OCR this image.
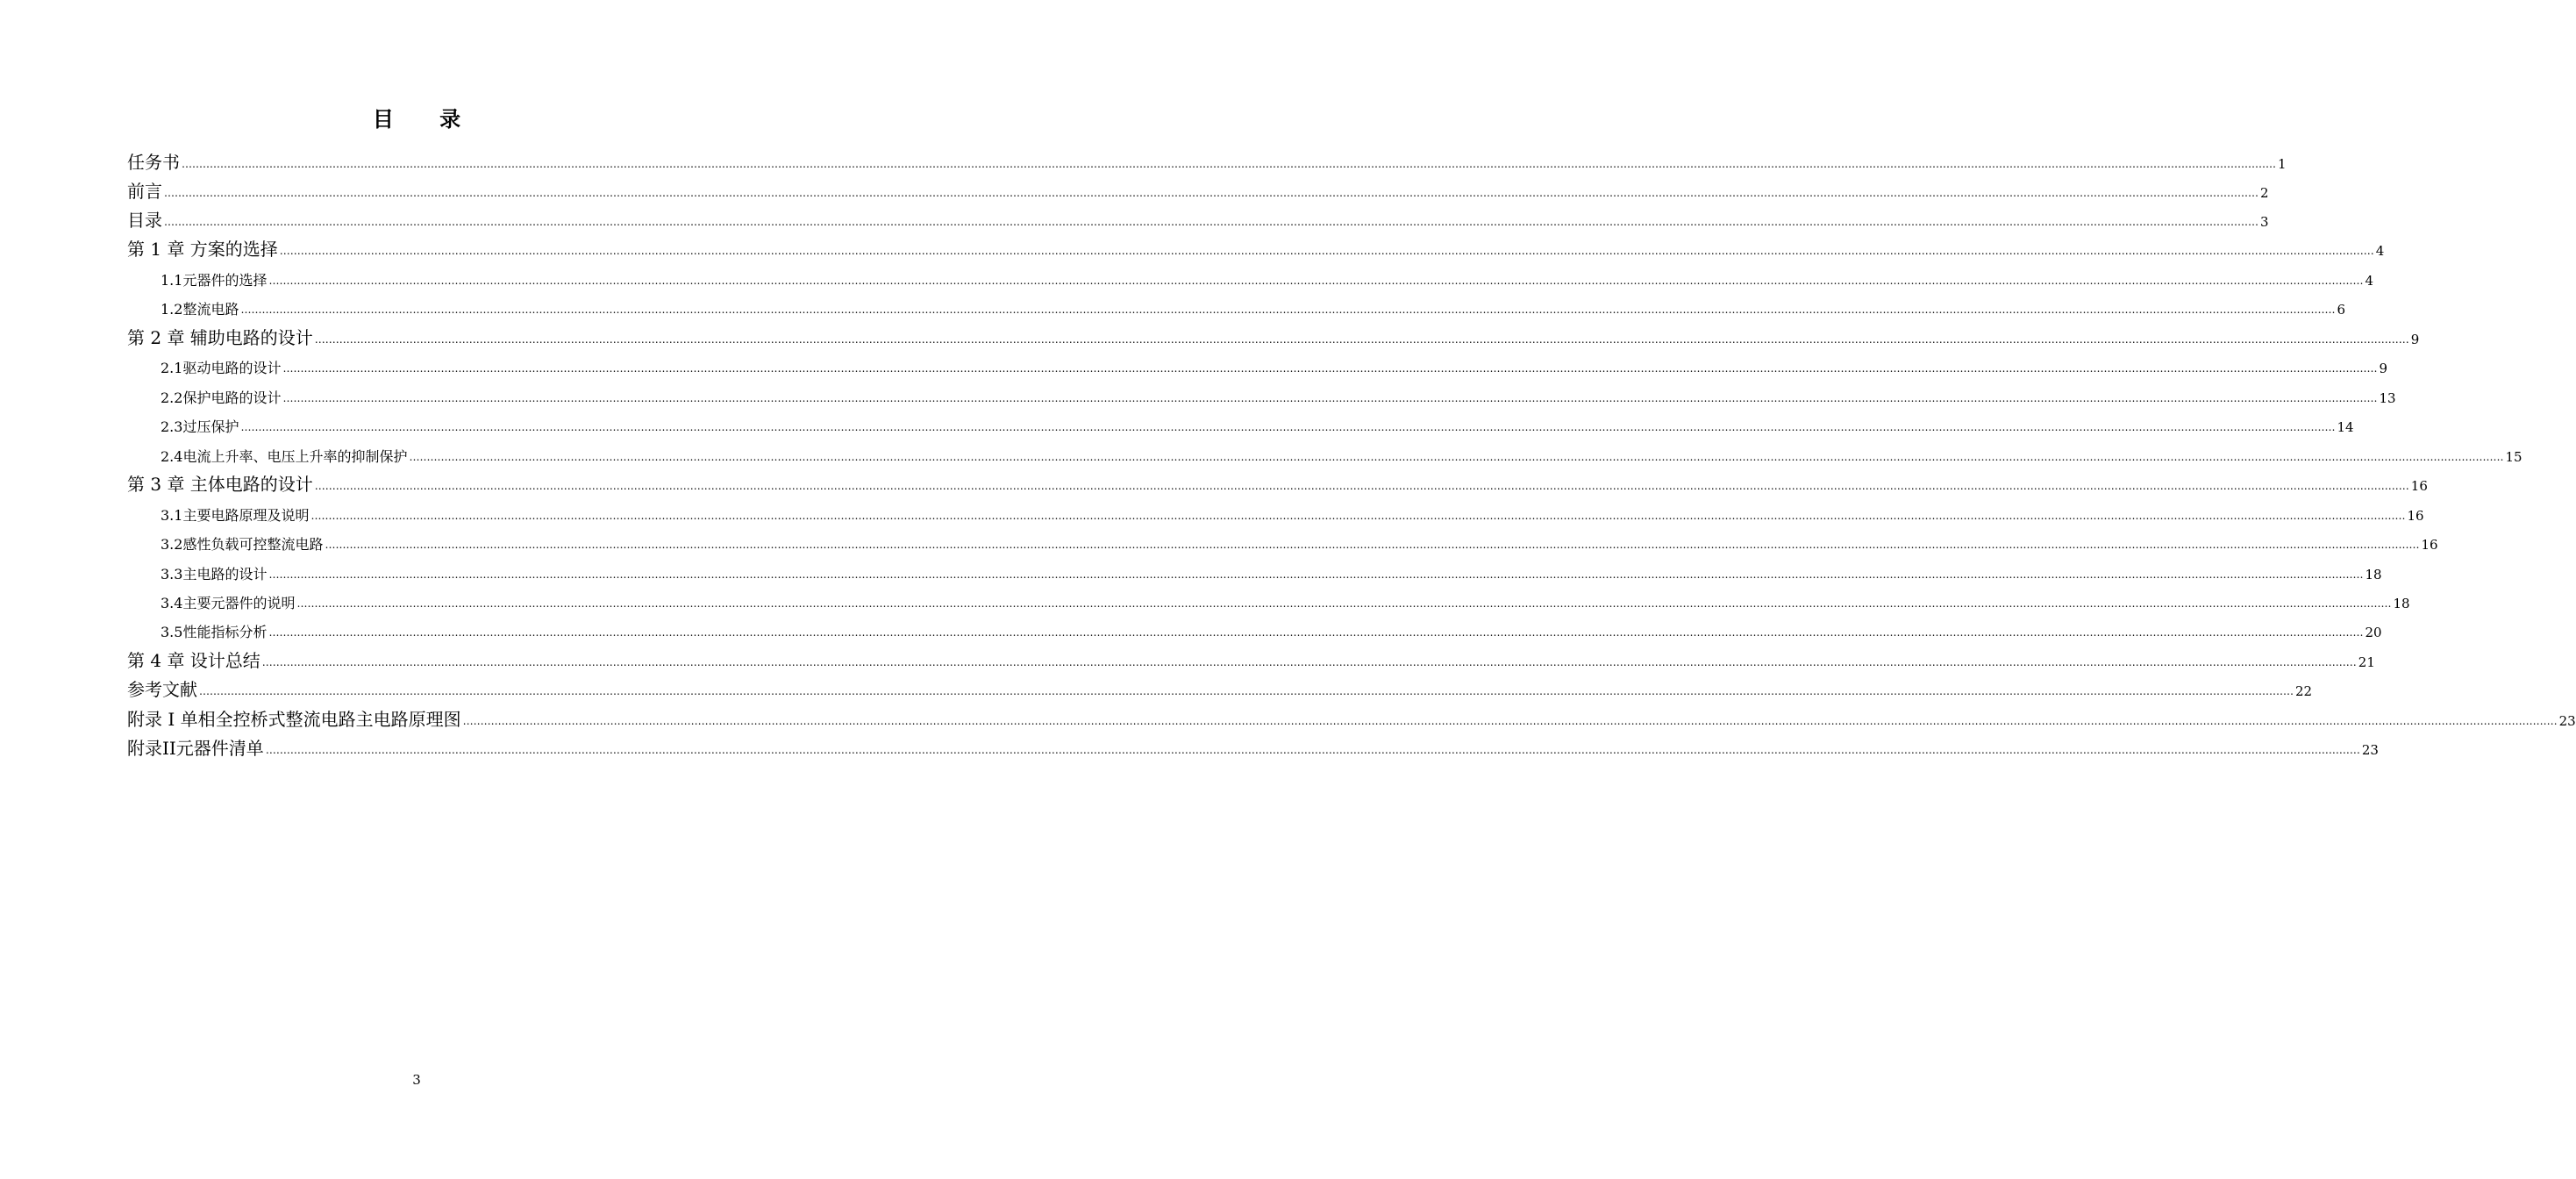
目 录
任务书 ………………………………………………………………………………………………………………………………………………………………………………………………………………………………………………………………………………………………………………………………………………………………………………………………………………………………………………………………………………………………………………………………………………… 1
前言 ………………………………………………………………………………………………………………………………………………………………………………………………………………………………………………………………………………………………………………………………………………………………………………………………………………………………………………………………………………………………………………………………………………… 2
目录 ………………………………………………………………………………………………………………………………………………………………………………………………………………………………………………………………………………………………………………………………………………………………………………………………………………………………………………………………………………………………………………………………………………… 3
第 1 章 方案的选择 ………………………………………………………………………………………………………………………………………………………………………………………………………………………………………………………………………………………………………………………………………………………………………………………………………………………………………………………………………………………………………………………………………………… 4
1.1元器件的选择 ………………………………………………………………………………………………………………………………………………………………………………………………………………………………………………………………………………………………………………………………………………………………………………………………………………………………………………………………………………………………………………………………………………… 4
1.2整流电路 ………………………………………………………………………………………………………………………………………………………………………………………………………………………………………………………………………………………………………………………………………………………………………………………………………………………………………………………………………………………………………………………………………………… 6
第 2 章 辅助电路的设计 ………………………………………………………………………………………………………………………………………………………………………………………………………………………………………………………………………………………………………………………………………………………………………………………………………………………………………………………………………………………………………………………………………………… 9
2.1驱动电路的设计 ………………………………………………………………………………………………………………………………………………………………………………………………………………………………………………………………………………………………………………………………………………………………………………………………………………………………………………………………………………………………………………………………………………… 9
2.2保护电路的设计 ………………………………………………………………………………………………………………………………………………………………………………………………………………………………………………………………………………………………………………………………………………………………………………………………………………………………………………………………………………………………………………………………………………… 13
2.3过压保护 ………………………………………………………………………………………………………………………………………………………………………………………………………………………………………………………………………………………………………………………………………………………………………………………………………………………………………………………………………………………………………………………………………………… 14
2.4电流上升率、电压上升率的抑制保护 ………………………………………………………………………………………………………………………………………………………………………………………………………………………………………………………………………………………………………………………………………………………………………………………………………………………………………………………………………………………………………………………………………………… 15
第 3 章 主体电路的设计 ………………………………………………………………………………………………………………………………………………………………………………………………………………………………………………………………………………………………………………………………………………………………………………………………………………………………………………………………………………………………………………………………………………… 16
3.1主要电路原理及说明 ………………………………………………………………………………………………………………………………………………………………………………………………………………………………………………………………………………………………………………………………………………………………………………………………………………………………………………………………………………………………………………………………………………… 16
3.2感性负载可控整流电路 ………………………………………………………………………………………………………………………………………………………………………………………………………………………………………………………………………………………………………………………………………………………………………………………………………………………………………………………………………………………………………………………………………………… 16
3.3主电路的设计 ………………………………………………………………………………………………………………………………………………………………………………………………………………………………………………………………………………………………………………………………………………………………………………………………………………………………………………………………………………………………………………………………………………… 18
3.4主要元器件的说明 ………………………………………………………………………………………………………………………………………………………………………………………………………………………………………………………………………………………………………………………………………………………………………………………………………………………………………………………………………………………………………………………………………………… 18
3.5性能指标分析 ………………………………………………………………………………………………………………………………………………………………………………………………………………………………………………………………………………………………………………………………………………………………………………………………………………………………………………………………………………………………………………………………………………… 20
第 4 章 设计总结 ………………………………………………………………………………………………………………………………………………………………………………………………………………………………………………………………………………………………………………………………………………………………………………………………………………………………………………………………………………………………………………………………………………… 21
参考文献 ………………………………………………………………………………………………………………………………………………………………………………………………………………………………………………………………………………………………………………………………………………………………………………………………………………………………………………………………………………………………………………………………………………… 22
附录 I 单相全控桥式整流电路主电路原理图 ………………………………………………………………………………………………………………………………………………………………………………………………………………………………………………………………………………………………………………………………………………………………………………………………………………………………………………………………………………………………………………………………………………… 23
附录II元器件清单 ………………………………………………………………………………………………………………………………………………………………………………………………………………………………………………………………………………………………………………………………………………………………………………………………………………………………………………………………………………………………………………………………………………… 23
3
